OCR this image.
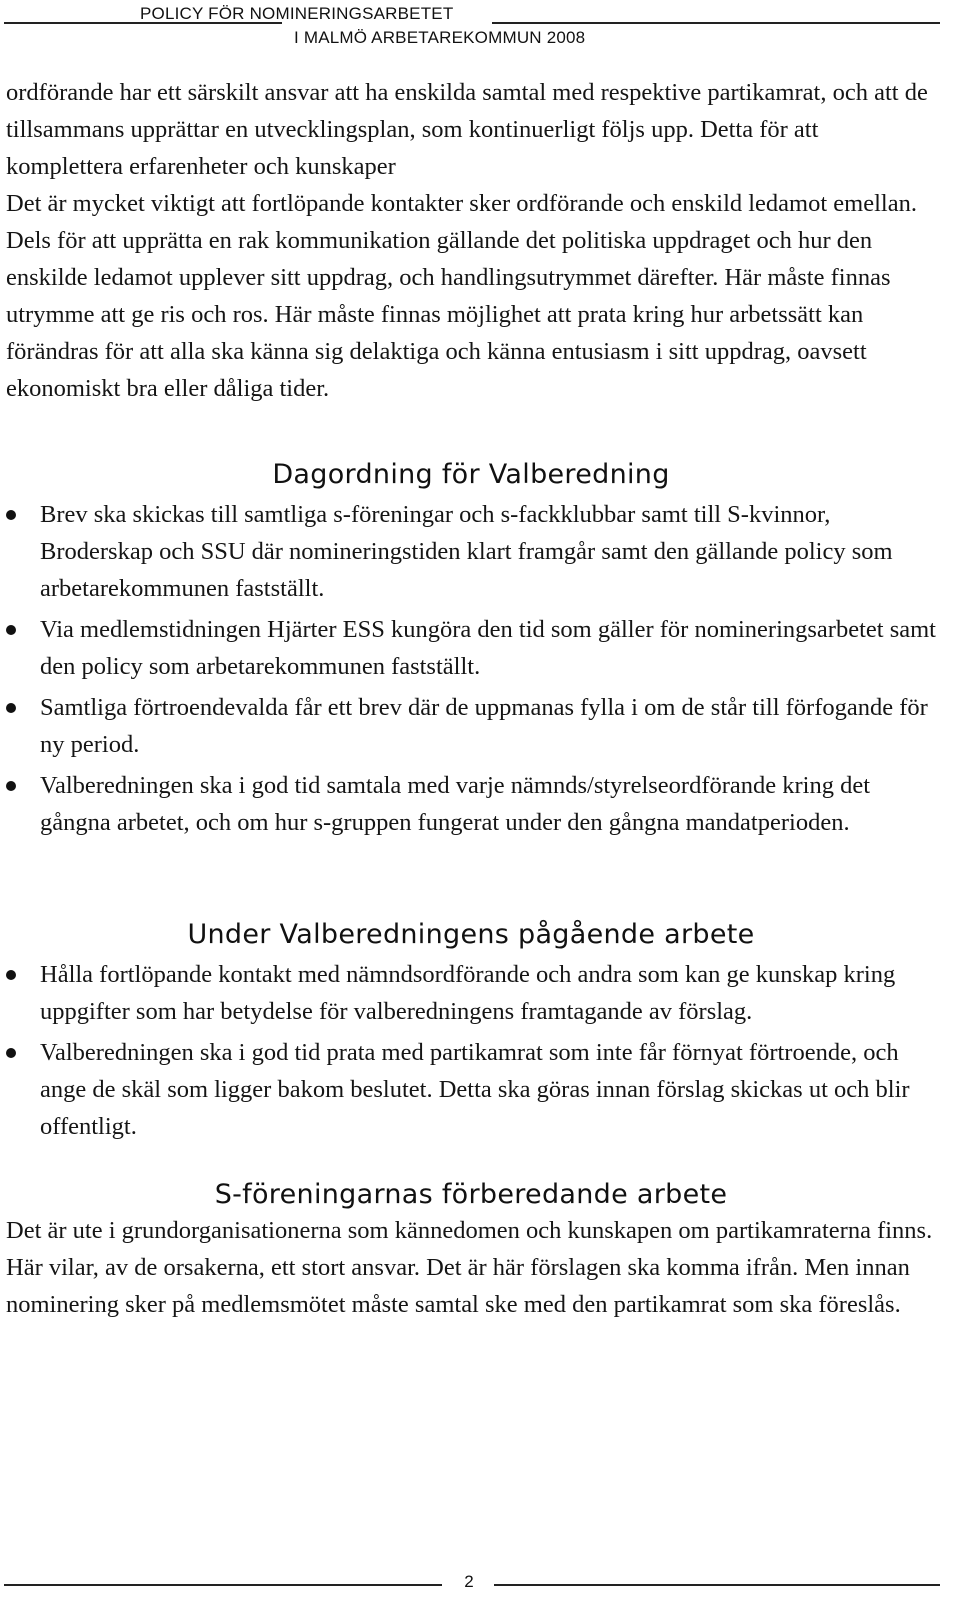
POLICY FÖR NOMINERINGSARBETET
I MALMÖ ARBETAREKOMMUN 2008

ordförande har ett särskilt ansvar att ha enskilda samtal med respektive partikamrat, och att de tillsammans upprättar en utvecklingsplan, som kontinuerligt följs upp. Detta för att komplettera erfarenheter och kunskaper

Det är mycket viktigt att fortlöpande kontakter sker ordförande och enskild ledamot emellan. Dels för att upprätta en rak kommunikation gällande det politiska uppdraget och hur den enskilde ledamot upplever sitt uppdrag, och handlingsutrymmet därefter. Här måste finnas utrymme att ge ris och ros. Här måste finnas möjlighet att prata kring hur arbetssätt kan förändras för att alla ska känna sig delaktiga och känna entusiasm i sitt uppdrag, oavsett ekonomiskt bra eller dåliga tider.

Dagordning för Valberedning
Brev ska skickas till samtliga s-föreningar och s-fackklubbar samt till S-kvinnor, Broderskap och SSU där nomineringstiden klart framgår samt den gällande policy som arbetarekommunen fastställt.
Via medlemstidningen Hjärter ESS kungöra den tid som gäller för nomineringsarbetet samt den policy som arbetarekommunen fastställt.
Samtliga förtroendevalda får ett brev där de uppmanas fylla i om de står till förfogande för ny period.
Valberedningen ska i god tid samtala med varje nämnds/styrelseordförande kring det gångna arbetet, och om hur s-gruppen fungerat under den gångna mandatperioden.
Under Valberedningens pågående arbete
Hålla fortlöpande kontakt med nämndsordförande och andra som kan ge kunskap kring uppgifter som har betydelse för valberedningens framtagande av förslag.
Valberedningen ska i god tid prata med partikamrat som inte får förnyat förtroende, och ange de skäl som ligger bakom beslutet. Detta ska göras innan förslag skickas ut och blir offentligt.
S-föreningarnas förberedande arbete

Det är ute i grundorganisationerna som kännedomen och kunskapen om partikamraterna finns. Här vilar, av de orsakerna, ett stort ansvar. Det är här förslagen ska komma ifrån. Men innan nominering sker på medlemsmötet måste samtal ske med den partikamrat som ska föreslås.

2
